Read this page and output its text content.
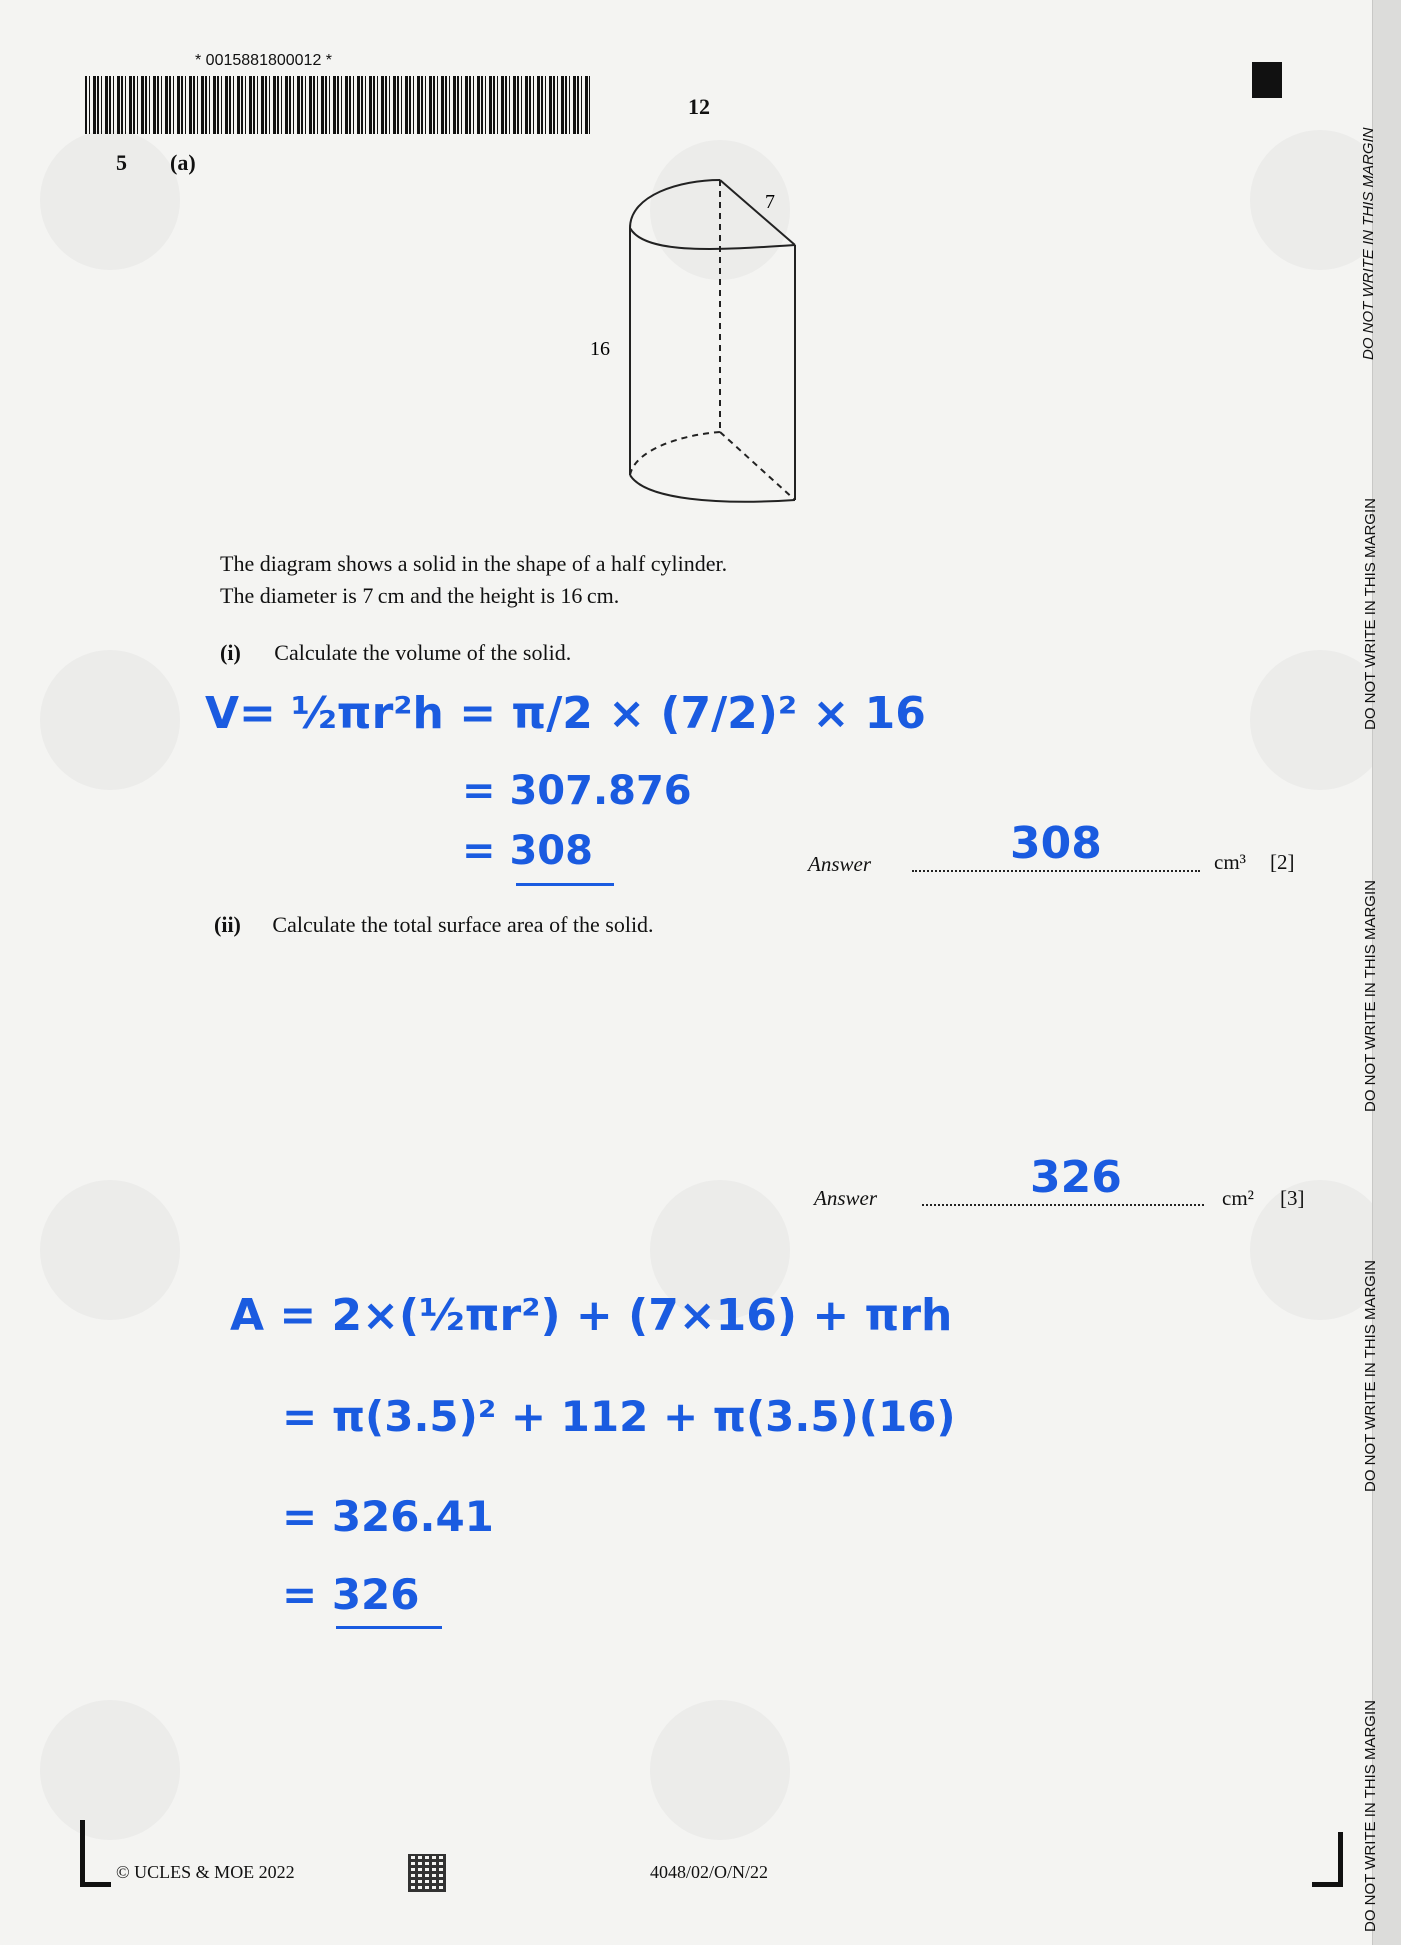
* 0015881800012 *
12
5 (a)
7
16
The diagram shows a solid in the shape of a half cylinder.
The diameter is 7 cm and the height is 16 cm.
(i) Calculate the volume of the solid.
V= ½πr²h = π/2 × (7/2)² × 16
= 307.876
= 308	Answer	308	cm³ [2]
(ii) Calculate the total surface area of the solid.
Answer	326	cm² [3]
A = 2×(½πr²) + (7×16) + πrh
= π(3.5)² + 112 + π(3.5)(16)
= 326.41
= 326
© UCLES & MOE 2022	4048/02/O/N/22
DO NOT WRITE IN THIS MARGIN
DO NOT WRITE IN THIS MARGIN
DO NOT WRITE IN THIS MARGIN
DO NOT WRITE IN THIS MARGIN
DO NOT WRITE IN THIS MARGIN
